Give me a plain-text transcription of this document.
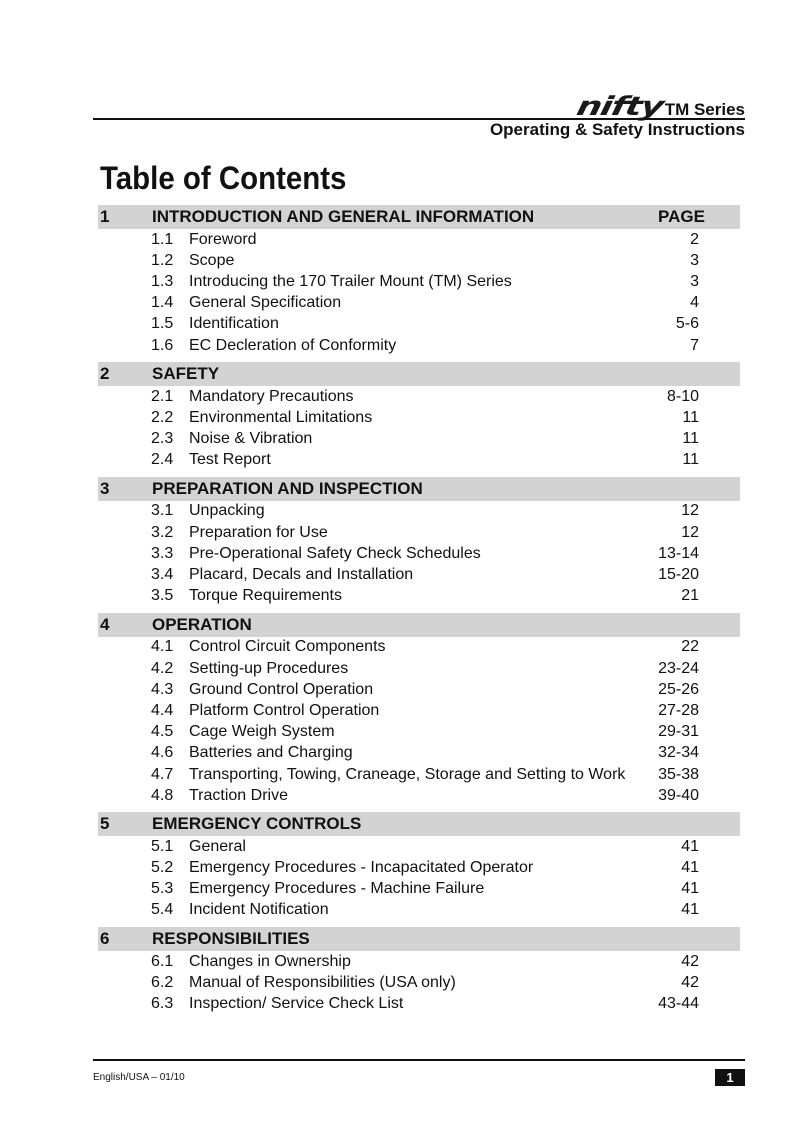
nifty TM Series
Operating & Safety Instructions
Table of Contents
1	INTRODUCTION AND GENERAL INFORMATION	PAGE
1.1 Foreword	2
1.2 Scope	3
1.3 Introducing the 170 Trailer Mount (TM) Series	3
1.4 General Specification	4
1.5 Identification	5-6
1.6 EC Decleration of Conformity	7
2	SAFETY
2.1 Mandatory Precautions	8-10
2.2 Environmental Limitations	11
2.3 Noise & Vibration	11
2.4 Test Report	11
3	PREPARATION AND INSPECTION
3.1 Unpacking	12
3.2 Preparation for Use	12
3.3 Pre-Operational Safety Check Schedules	13-14
3.4 Placard, Decals and Installation	15-20
3.5 Torque Requirements	21
4	OPERATION
4.1 Control Circuit Components	22
4.2 Setting-up Procedures	23-24
4.3 Ground Control Operation	25-26
4.4 Platform Control Operation	27-28
4.5 Cage Weigh System	29-31
4.6 Batteries and Charging	32-34
4.7 Transporting, Towing, Craneage, Storage and Setting to Work	35-38
4.8 Traction Drive	39-40
5	EMERGENCY CONTROLS
5.1 General	41
5.2 Emergency Procedures - Incapacitated Operator	41
5.3 Emergency Procedures - Machine Failure	41
5.4 Incident Notification	41
6	RESPONSIBILITIES
6.1 Changes in Ownership	42
6.2 Manual of Responsibilities (USA only)	42
6.3 Inspection/ Service Check List	43-44
English/USA – 01/10	1
